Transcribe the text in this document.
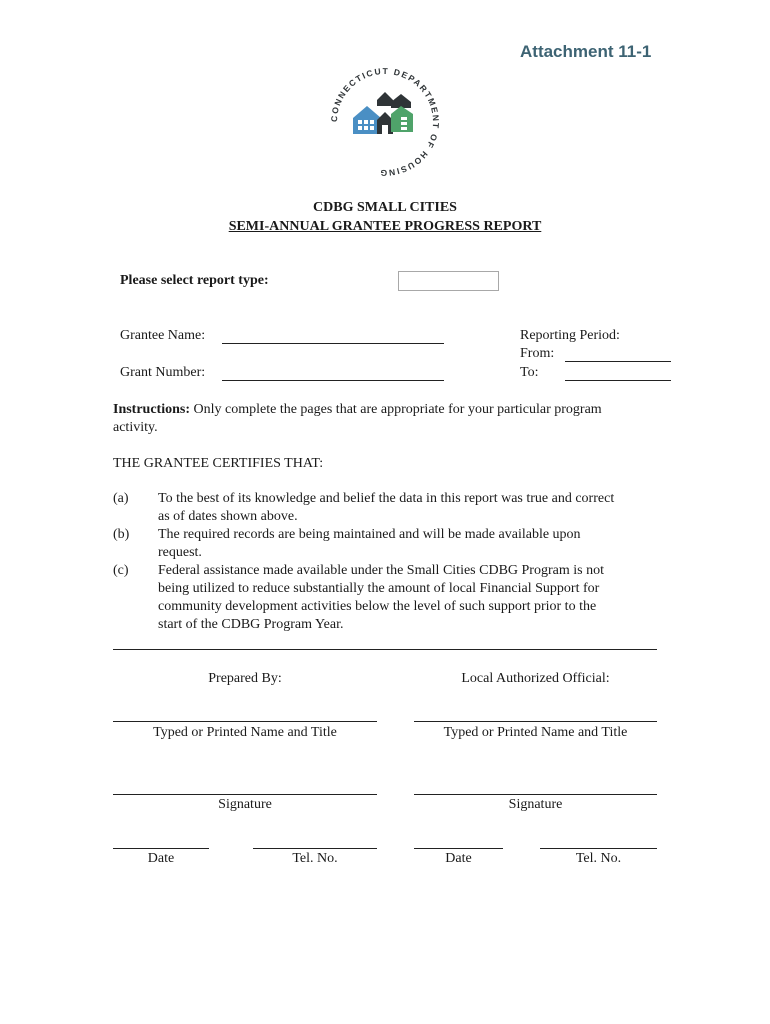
Attachment 11-1
CONNECTICUT DEPARTMENT OF HOUSING
CDBG SMALL CITIES
SEMI-ANNUAL GRANTEE PROGRESS REPORT
Please select report type:
Grantee Name:
Grant Number:
Reporting Period:
From:
To:
Instructions: Only complete the pages that are appropriate for your particular program
activity.
THE GRANTEE CERTIFIES THAT:
(a) To the best of its knowledge and belief the data in this report was true and correct
as of dates shown above.
(b) The required records are being maintained and will be made available upon
request.
(c) Federal assistance made available under the Small Cities CDBG Program is not
being utilized to reduce substantially the amount of local Financial Support for
community development activities below the level of such support prior to the
start of the CDBG Program Year.
Prepared By:	Local Authorized Official:
Typed or Printed Name and Title	Typed or Printed Name and Title
Signature	Signature
Date	Tel. No.	Date	Tel. No.
